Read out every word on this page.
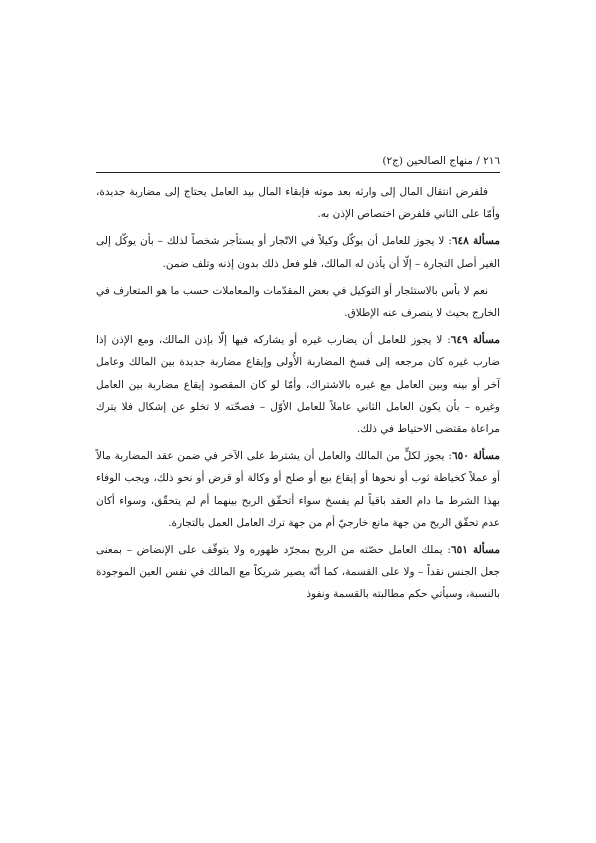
٢١٦ / منهاج الصالحين (ج٢)

فلفرض انتقال المال إلى وارثه بعد موته فإبقاء المال بيد العامل يحتاج إلى مضاربة جديدة، وأمّا على الثاني فلفرض اختصاص الإذن به.

مسألة ٦٤٨: لا يجوز للعامل أن يوكّل وكيلاً في الاتّجار أو يستأجر شخصاً لذلك – بأن يوكّل إلى الغير أصل التجارة – إلّا أن يأذن له المالك، فلو فعل ذلك بدون إذنه وتلف ضمن.

نعم لا بأس بالاستئجار أو التوكيل في بعض المقدّمات والمعاملات حسب ما هو المتعارف في الخارج بحيث لا ينصرف عنه الإطلاق.

مسألة ٦٤٩: لا يجوز للعامل أن يضارب غيره أو يشاركه فيها إلّا بإذن المالك، ومع الإذن إذا ضارب غيره كان مرجعه إلى فسخ المضاربة الأُولى وإيقاع مضاربة جديدة بين المالك وعامل آخر أو بينه وبين العامل مع غيره بالاشتراك، وأمّا لو كان المقصود إيقاع مضاربة بين العامل وغيره – بأن يكون العامل الثاني عاملاً للعامل الأوّل – فصحّته لا تخلو عن إشكال فلا يترك مراعاة مقتضى الاحتياط في ذلك.

مسألة ٦٥٠: يجوز لكلٍّ من المالك والعامل أن يشترط على الآخر في ضمن عقد المضاربة مالاً أو عملاً كخياطة ثوب أو نحوها أو إيقاع بيع أو صلح أو وكالة أو قرض أو نحو ذلك، ويجب الوفاء بهذا الشرط ما دام العقد باقياً لم يفسخ سواء أتحقّق الربح بينهما أم لم يتحقّق، وسواء أكان عدم تحقّق الربح من جهة مانع خارجيّ أم من جهة ترك العامل العمل بالتجارة.

مسألة ٦٥١: يملك العامل حصّته من الربح بمجرّد ظهوره ولا يتوقّف على الإنضاض – بمعنى جعل الجنس نقداً – ولا على القسمة، كما أنّه يصير شريكاً مع المالك في نفس العين الموجودة بالنسبة، وسيأتي حكم مطالبته بالقسمة ونفوذ
